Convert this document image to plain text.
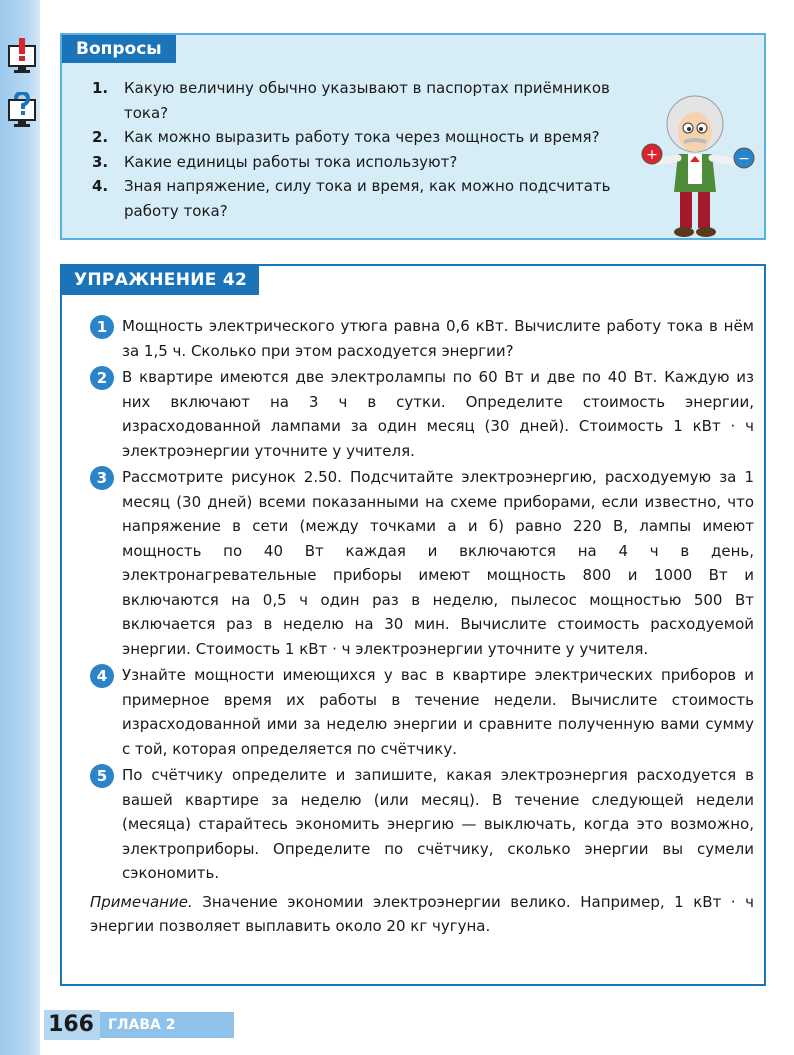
Вопросы
1. Какую величину обычно указывают в паспортах приёмников тока?
2. Как можно выразить работу тока через мощность и время?
3. Какие единицы работы тока используют?
4. Зная напряжение, силу тока и время, как можно подсчитать работу тока?
+	−
УПРАЖНЕНИЕ 42
1 Мощность электрического утюга равна 0,6 кВт. Вычислите работу тока в нём за 1,5 ч. Сколько при этом расходуется энергии?
2 В квартире имеются две электролампы по 60 Вт и две по 40 Вт. Каждую из них включают на 3 ч в сутки. Определите стоимость энергии, израсходованной лампами за один месяц (30 дней). Стоимость 1 кВт · ч электроэнергии уточните у учителя.
3 Рассмотрите рисунок 2.50. Подсчитайте электроэнергию, расходуемую за 1 месяц (30 дней) всеми показанными на схеме приборами, если известно, что напряжение в сети (между точками а и б) равно 220 В, лампы имеют мощность по 40 Вт каждая и включаются на 4 ч в день, электронагревательные приборы имеют мощность 800 и 1000 Вт и включаются на 0,5 ч один раз в неделю, пылесос мощностью 500 Вт включается раз в неделю на 30 мин. Вычислите стоимость расходуемой энергии. Стоимость 1 кВт · ч электроэнергии уточните у учителя.
4 Узнайте мощности имеющихся у вас в квартире электрических приборов и примерное время их работы в течение недели. Вычислите стоимость израсходованной ими за неделю энергии и сравните полученную вами сумму с той, которая определяется по счётчику.
5 По счётчику определите и запишите, какая электроэнергия расходуется в вашей квартире за неделю (или месяц). В течение следующей недели (месяца) старайтесь экономить энергию — выключать, когда это возможно, электроприборы. Определите по счётчику, сколько энергии вы сумели сэкономить.
Примечание. Значение экономии электроэнергии велико. Например, 1 кВт · ч энергии позволяет выплавить около 20 кг чугуна.
166	ГЛАВА 2
